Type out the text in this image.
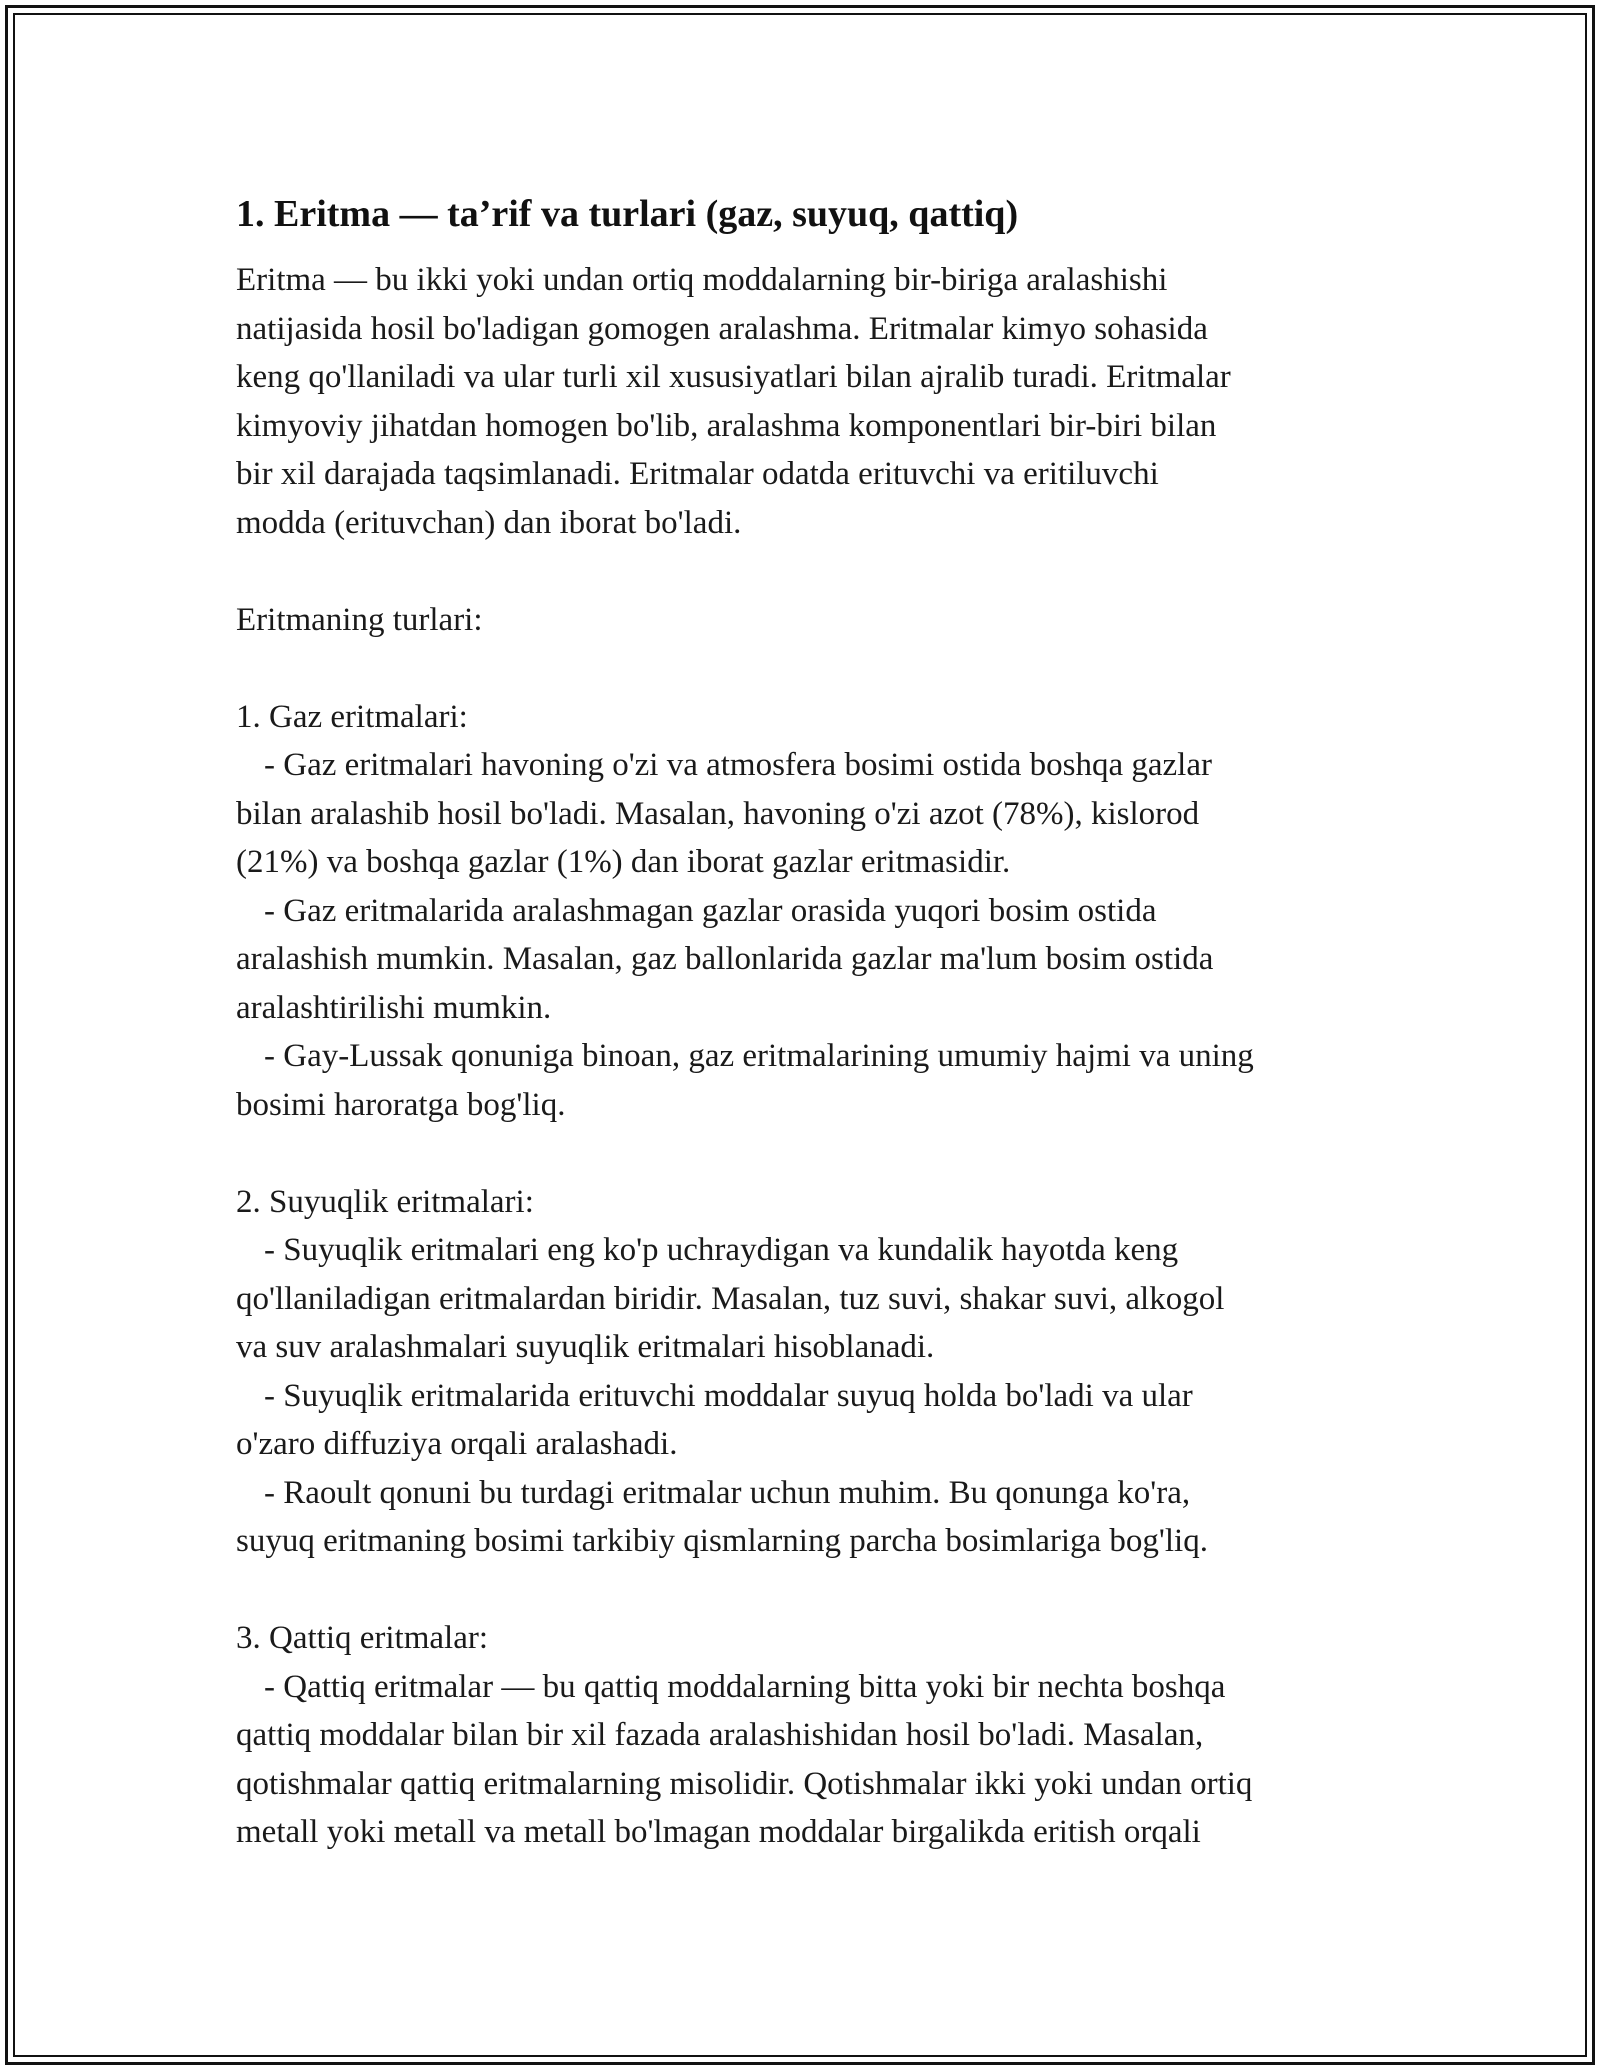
1. Eritma — ta’rif va turlari (gaz, suyuq, qattiq)
Eritma — bu ikki yoki undan ortiq moddalarning bir-biriga aralashishi
natijasida hosil bo'ladigan gomogen aralashma. Eritmalar kimyo sohasida
keng qo'llaniladi va ular turli xil xususiyatlari bilan ajralib turadi. Eritmalar
kimyoviy jihatdan homogen bo'lib, aralashma komponentlari bir-biri bilan
bir xil darajada taqsimlanadi. Eritmalar odatda erituvchi va eritiluvchi
modda (erituvchan) dan iborat bo'ladi.
Eritmaning turlari:
1. Gaz eritmalari:
- Gaz eritmalari havoning o'zi va atmosfera bosimi ostida boshqa gazlar
bilan aralashib hosil bo'ladi. Masalan, havoning o'zi azot (78%), kislorod
(21%) va boshqa gazlar (1%) dan iborat gazlar eritmasidir.
- Gaz eritmalarida aralashmagan gazlar orasida yuqori bosim ostida
aralashish mumkin. Masalan, gaz ballonlarida gazlar ma'lum bosim ostida
aralashtirilishi mumkin.
- Gay-Lussak qonuniga binoan, gaz eritmalarining umumiy hajmi va uning
bosimi haroratga bog'liq.
2. Suyuqlik eritmalari:
- Suyuqlik eritmalari eng ko'p uchraydigan va kundalik hayotda keng
qo'llaniladigan eritmalardan biridir. Masalan, tuz suvi, shakar suvi, alkogol
va suv aralashmalari suyuqlik eritmalari hisoblanadi.
- Suyuqlik eritmalarida erituvchi moddalar suyuq holda bo'ladi va ular
o'zaro diffuziya orqali aralashadi.
- Raoult qonuni bu turdagi eritmalar uchun muhim. Bu qonunga ko'ra,
suyuq eritmaning bosimi tarkibiy qismlarning parcha bosimlariga bog'liq.
3. Qattiq eritmalar:
- Qattiq eritmalar — bu qattiq moddalarning bitta yoki bir nechta boshqa
qattiq moddalar bilan bir xil fazada aralashishidan hosil bo'ladi. Masalan,
qotishmalar qattiq eritmalarning misolidir. Qotishmalar ikki yoki undan ortiq
metall yoki metall va metall bo'lmagan moddalar birgalikda eritish orqali
